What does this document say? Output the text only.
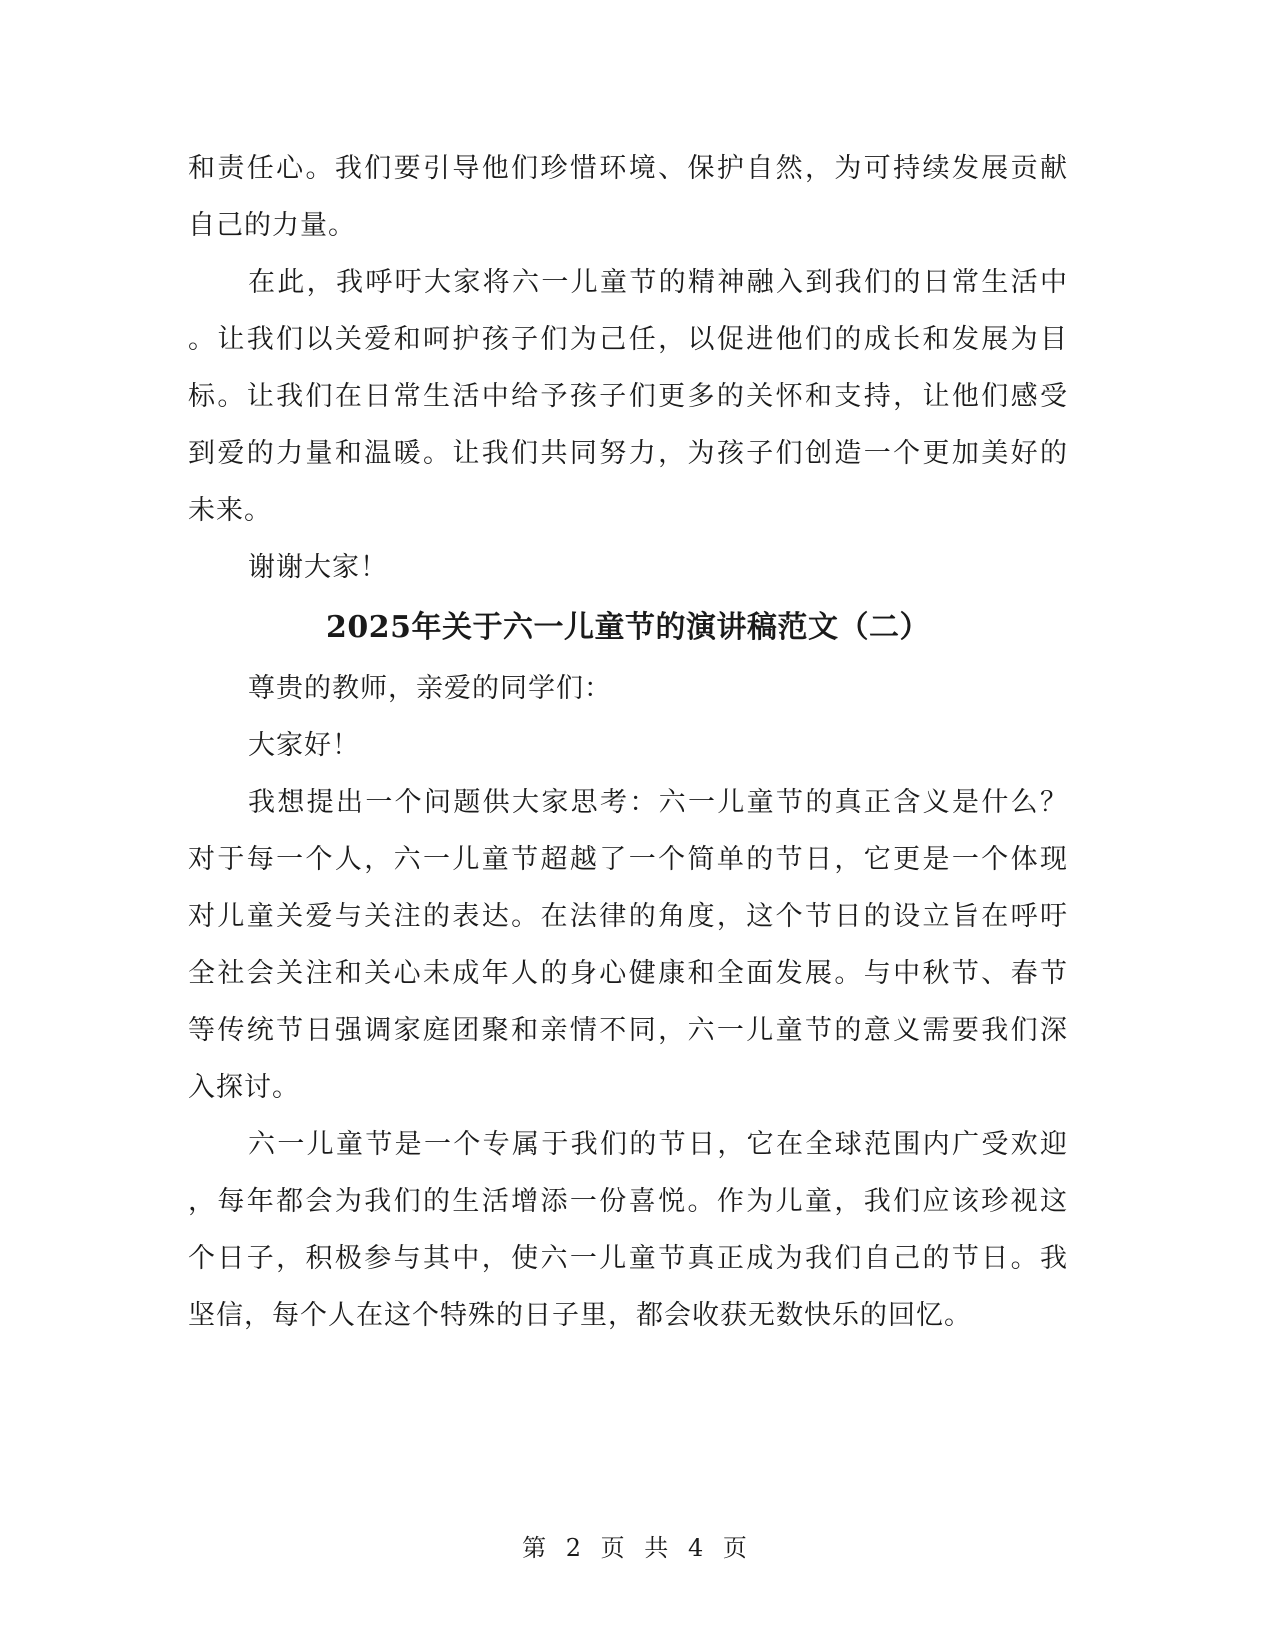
和责任心。我们要引导他们珍惜环境、保护自然，为可持续发展贡献
自己的力量。
在此，我呼吁大家将六一儿童节的精神融入到我们的日常生活中
。让我们以关爱和呵护孩子们为己任，以促进他们的成长和发展为目
标。让我们在日常生活中给予孩子们更多的关怀和支持，让他们感受
到爱的力量和温暖。让我们共同努力，为孩子们创造一个更加美好的
未来。
谢谢大家！
2025年关于六一儿童节的演讲稿范文（二）
尊贵的教师，亲爱的同学们：
大家好！
我想提出一个问题供大家思考：六一儿童节的真正含义是什么？
对于每一个人，六一儿童节超越了一个简单的节日，它更是一个体现
对儿童关爱与关注的表达。在法律的角度，这个节日的设立旨在呼吁
全社会关注和关心未成年人的身心健康和全面发展。与中秋节、春节
等传统节日强调家庭团聚和亲情不同，六一儿童节的意义需要我们深
入探讨。
六一儿童节是一个专属于我们的节日，它在全球范围内广受欢迎
，每年都会为我们的生活增添一份喜悦。作为儿童，我们应该珍视这
个日子，积极参与其中，使六一儿童节真正成为我们自己的节日。我
坚信，每个人在这个特殊的日子里，都会收获无数快乐的回忆。
第 2 页 共 4 页
